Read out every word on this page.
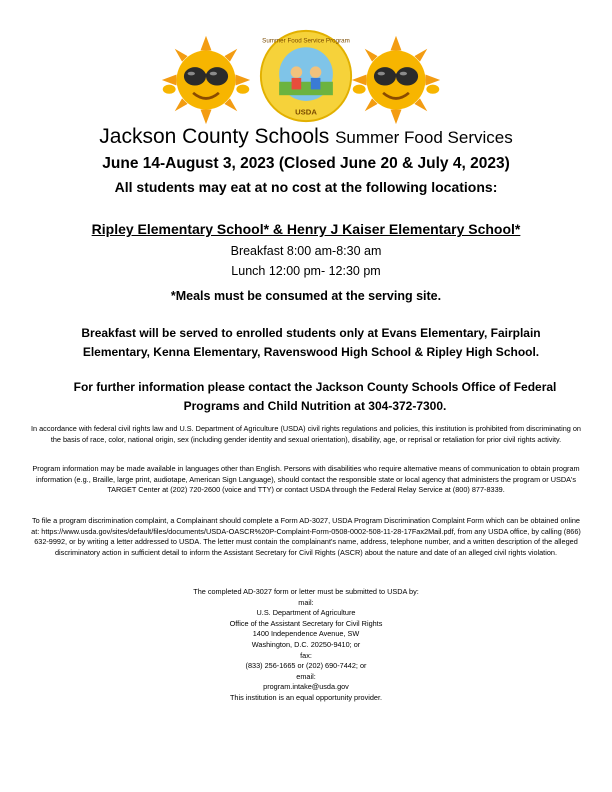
Summer Food Service Program
USDA
Jackson County Schools Summer Food Services
June 14-August 3, 2023 (Closed June 20 & July 4, 2023)
All students may eat at no cost at the following locations:
Ripley Elementary School* & Henry J Kaiser Elementary School*
Breakfast 8:00 am-8:30 am
Lunch 12:00 pm- 12:30 pm
*Meals must be consumed at the serving site.
Breakfast will be served to enrolled students only at Evans Elementary, Fairplain Elementary, Kenna Elementary, Ravenswood High School & Ripley High School.
For further information please contact the Jackson County Schools Office of Federal Programs and Child Nutrition at 304-372-7300.
In accordance with federal civil rights law and U.S. Department of Agriculture (USDA) civil rights regulations and policies, this institution is prohibited from discriminating on the basis of race, color, national origin, sex (including gender identity and sexual orientation), disability, age, or reprisal or retaliation for prior civil rights activity.
Program information may be made available in languages other than English. Persons with disabilities who require alternative means of communication to obtain program information (e.g., Braille, large print, audiotape, American Sign Language), should contact the responsible state or local agency that administers the program or USDA's TARGET Center at (202) 720-2600 (voice and TTY) or contact USDA through the Federal Relay Service at (800) 877-8339.
To file a program discrimination complaint, a Complainant should complete a Form AD-3027, USDA Program Discrimination Complaint Form which can be obtained online at: https://www.usda.gov/sites/default/files/documents/USDA-OASCR%20P-Complaint-Form-0508-0002-508-11-28-17Fax2Mail.pdf, from any USDA office, by calling (866) 632-9992, or by writing a letter addressed to USDA. The letter must contain the complainant's name, address, telephone number, and a written description of the alleged discriminatory action in sufficient detail to inform the Assistant Secretary for Civil Rights (ASCR) about the nature and date of an alleged civil rights violation.
The completed AD-3027 form or letter must be submitted to USDA by:
mail:
U.S. Department of Agriculture
Office of the Assistant Secretary for Civil Rights
1400 Independence Avenue, SW
Washington, D.C. 20250-9410; or
fax:
(833) 256-1665 or (202) 690-7442; or
email:
program.intake@usda.gov
This institution is an equal opportunity provider.
